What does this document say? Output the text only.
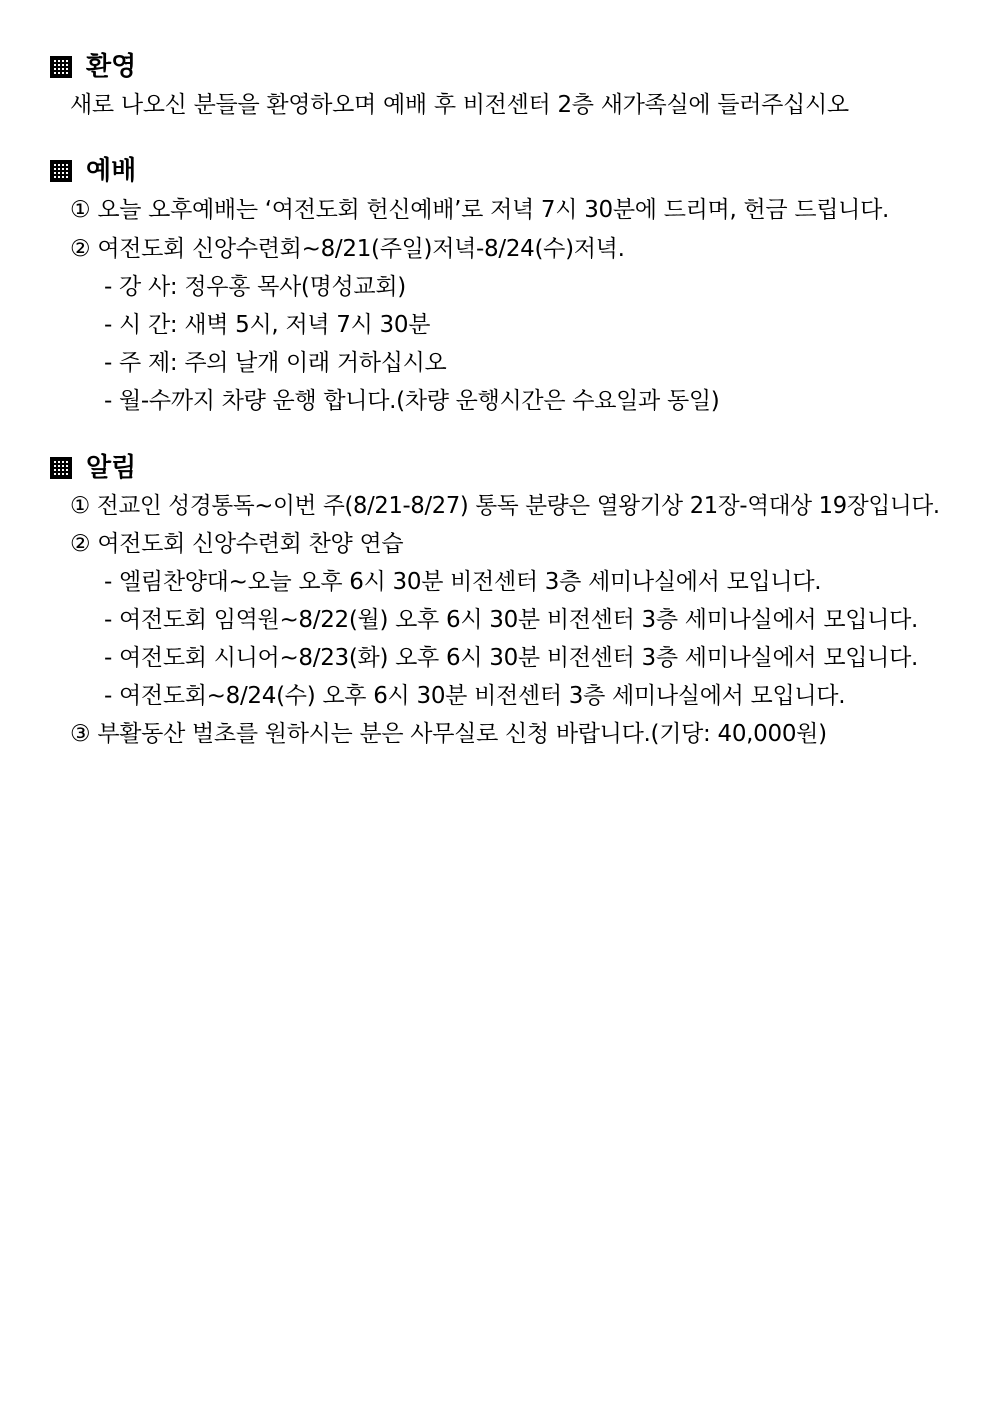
환영
새로 나오신 분들을 환영하오며 예배 후 비전센터 2층 새가족실에 들러주십시오
예배
① 오늘 오후예배는 ‘여전도회 헌신예배’로 저녁 7시 30분에 드리며, 헌금 드립니다.
② 여전도회 신앙수련회~8/21(주일)저녁-8/24(수)저녁.
- 강 사: 정우홍 목사(명성교회)
- 시 간: 새벽 5시, 저녁 7시 30분
- 주 제: 주의 날개 이래 거하십시오
- 월-수까지 차량 운행 합니다.(차량 운행시간은 수요일과 동일)
알림
① 전교인 성경통독~이번 주(8/21-8/27) 통독 분량은 열왕기상 21장-역대상 19장입니다.
② 여전도회 신앙수련회 찬양 연습
- 엘림찬양대~오늘 오후 6시 30분 비전센터 3층 세미나실에서 모입니다.
- 여전도회 임역원~8/22(월) 오후 6시 30분 비전센터 3층 세미나실에서 모입니다.
- 여전도회 시니어~8/23(화) 오후 6시 30분 비전센터 3층 세미나실에서 모입니다.
- 여전도회~8/24(수) 오후 6시 30분 비전센터 3층 세미나실에서 모입니다.
③ 부활동산 벌초를 원하시는 분은 사무실로 신청 바랍니다.(기당: 40,000원)
